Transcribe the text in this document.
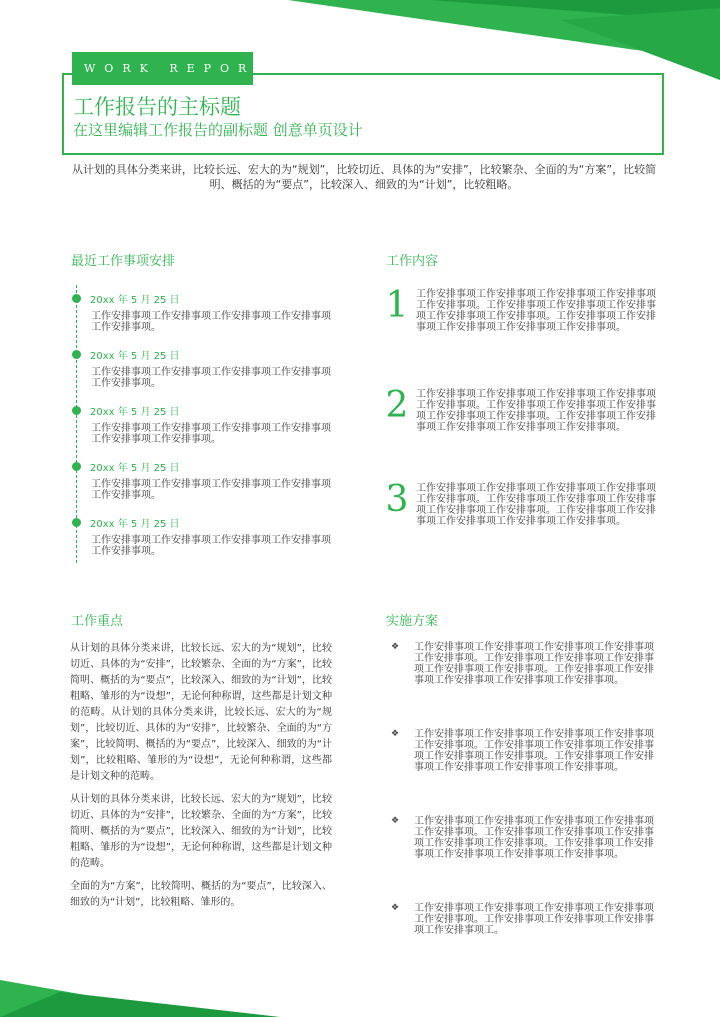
WORK REPORT
工作报告的主标题
在这里编辑工作报告的副标题 创意单页设计
从计划的具体分类来讲，比较长远、宏大的为“规划”，比较切近、具体的为“安排”，比较繁杂、全面的为“方案”，比较简明、概括的为“要点”，比较深入、细致的为“计划”，比较粗略。
最近工作事项安排
20xx 年 5 月 25 日
工作安排事项工作安排事项工作安排事项工作安排事项工作安排事项。
20xx 年 5 月 25 日
工作安排事项工作安排事项工作安排事项工作安排事项工作安排事项。
20xx 年 5 月 25 日
工作安排事项工作安排事项工作安排事项工作安排事项工作安排事项工作安排事项。
20xx 年 5 月 25 日
工作安排事项工作安排事项工作安排事项工作安排事项工作安排事项。
20xx 年 5 月 25 日
工作安排事项工作安排事项工作安排事项工作安排事项工作安排事项。
工作内容
1 工作安排事项工作安排事项工作安排事项工作安排事项工作安排事项。工作安排事项工作安排事项工作安排事项工作安排事项工作安排事项。工作安排事项工作安排事项工作安排事项工作安排事项工作安排事项。
2 工作安排事项工作安排事项工作安排事项工作安排事项工作安排事项。工作安排事项工作安排事项工作安排事项工作安排事项工作安排事项。工作安排事项工作安排事项工作安排事项工作安排事项工作安排事项。
3 工作安排事项工作安排事项工作安排事项工作安排事项工作安排事项。工作安排事项工作安排事项工作安排事项工作安排事项工作安排事项。工作安排事项工作安排事项工作安排事项工作安排事项工作安排事项。
工作重点

从计划的具体分类来讲，比较长远、宏大的为“规划”，比较切近、具体的为“安排”，比较繁杂、全面的为“方案”，比较简明、概括的为“要点”，比较深入、细致的为“计划”，比较粗略、雏形的为“设想”，无论何种称谓，这些都是计划文种的范畴。从计划的具体分类来讲，比较长远、宏大的为“规划”，比较切近、具体的为“安排”，比较繁杂、全面的为“方案”，比较简明、概括的为“要点”，比较深入、细致的为“计划”，比较粗略、雏形的为“设想”，无论何种称谓，这些都是计划文种的范畴。

从计划的具体分类来讲，比较长远、宏大的为“规划”，比较切近、具体的为“安排”，比较繁杂、全面的为“方案”，比较简明、概括的为“要点”，比较深入、细致的为“计划”，比较粗略、雏形的为“设想”，无论何种称谓，这些都是计划文种的范畴。

全面的为“方案”，比较简明、概括的为“要点”，比较深入、细致的为“计划”，比较粗略、雏形的。

实施方案
❖ 工作安排事项工作安排事项工作安排事项工作安排事项工作安排事项。工作安排事项工作安排事项工作安排事项工作安排事项工作安排事项。工作安排事项工作安排事项工作安排事项工作安排事项工作安排事项。
❖ 工作安排事项工作安排事项工作安排事项工作安排事项工作安排事项。工作安排事项工作安排事项工作安排事项工作安排事项工作安排事项。工作安排事项工作安排事项工作安排事项工作安排事项工作安排事项。
❖ 工作安排事项工作安排事项工作安排事项工作安排事项工作安排事项。工作安排事项工作安排事项工作安排事项工作安排事项工作安排事项。工作安排事项工作安排事项工作安排事项工作安排事项工作安排事项。
❖ 工作安排事项工作安排事项工作安排事项工作安排事项工作安排事项。工作安排事项工作安排事项工作安排事项工作安排事项工。
